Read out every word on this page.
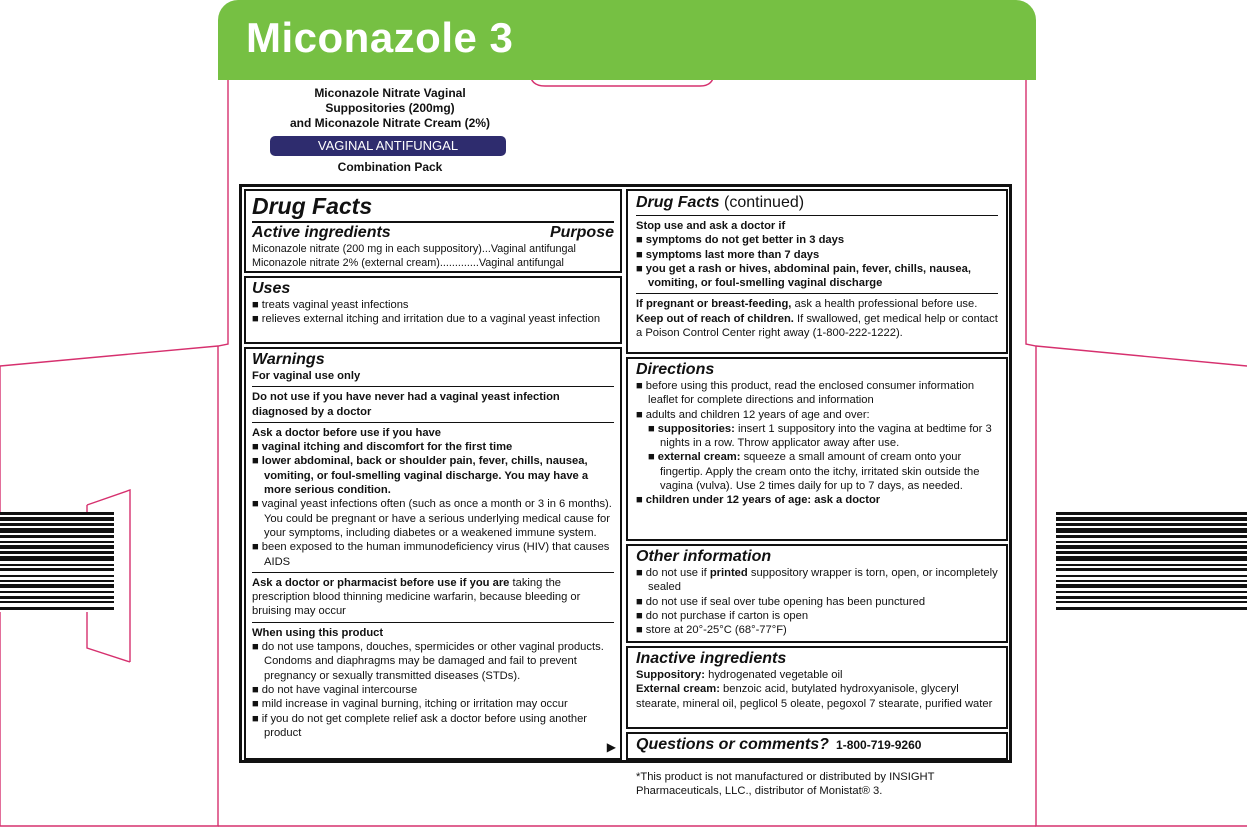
Miconazole 3
Miconazole Nitrate Vaginal
Suppositories (200mg)
and Miconazole Nitrate Cream (2%)
VAGINAL ANTIFUNGAL
Combination Pack
Drug Facts
Active ingredients	Purpose

Miconazole nitrate (200 mg in each suppository)...Vaginal antifungal

Miconazole nitrate 2% (external cream).............Vaginal antifungal

Uses

■ treats vaginal yeast infections

■ relieves external itching and irritation due to a vaginal yeast infection

Warnings

For vaginal use only

Do not use if you have never had a vaginal yeast infection diagnosed by a doctor

Ask a doctor before use if you have

■ vaginal itching and discomfort for the first time

■ lower abdominal, back or shoulder pain, fever, chills, nausea, vomiting, or foul-smelling vaginal discharge. You may have a more serious condition.

■ vaginal yeast infections often (such as once a month or 3 in 6 months). You could be pregnant or have a serious underlying medical cause for your symptoms, including diabetes or a weakened immune system.

■ been exposed to the human immunodeficiency virus (HIV) that causes AIDS

Ask a doctor or pharmacist before use if you are taking the prescription blood thinning medicine warfarin, because bleeding or bruising may occur

When using this product

■ do not use tampons, douches, spermicides or other vaginal products. Condoms and diaphragms may be damaged and fail to prevent pregnancy or sexually transmitted diseases (STDs).

■ do not have vaginal intercourse

■ mild increase in vaginal burning, itching or irritation may occur

■ if you do not get complete relief ask a doctor before using another product

▶
Drug Facts (continued)

Stop use and ask a doctor if

■ symptoms do not get better in 3 days

■ symptoms last more than 7 days

■ you get a rash or hives, abdominal pain, fever, chills, nausea, vomiting, or foul-smelling vaginal discharge

If pregnant or breast-feeding, ask a health professional before use.

Keep out of reach of children. If swallowed, get medical help or contact a Poison Control Center right away (1-800-222-1222).

Directions

■ before using this product, read the enclosed consumer information leaflet for complete directions and information

■ adults and children 12 years of age and over:

■ suppositories: insert 1 suppository into the vagina at bedtime for 3 nights in a row. Throw applicator away after use.

■ external cream: squeeze a small amount of cream onto your fingertip. Apply the cream onto the itchy, irritated skin outside the vagina (vulva). Use 2 times daily for up to 7 days, as needed.

■ children under 12 years of age: ask a doctor

Other information

■ do not use if printed suppository wrapper is torn, open, or incompletely sealed

■ do not use if seal over tube opening has been punctured

■ do not purchase if carton is open

■ store at 20°-25°C (68°-77°F)

Inactive ingredients

Suppository: hydrogenated vegetable oil

External cream: benzoic acid, butylated hydroxyanisole, glyceryl stearate, mineral oil, peglicol 5 oleate, pegoxol 7 stearate, purified water

Questions or comments? 1-800-719-9260
*This product is not manufactured or distributed by INSIGHT Pharmaceuticals, LLC., distributor of Monistat® 3.
